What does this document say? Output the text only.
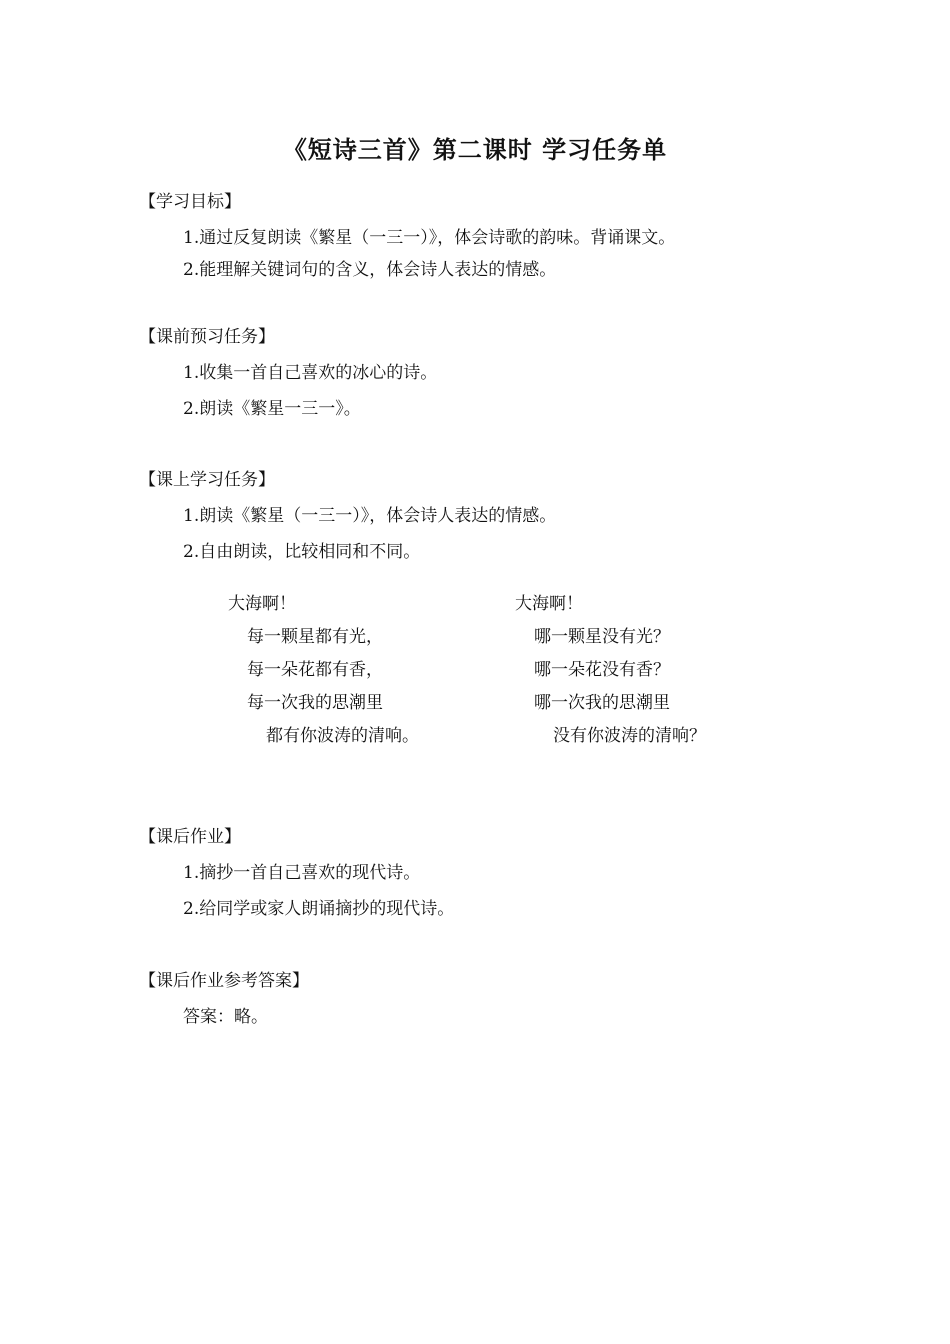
《短诗三首》第二课时 学习任务单
【学习目标】
1.通过反复朗读《繁星（一三一）》，体会诗歌的韵味。背诵课文。
2.能理解关键词句的含义，体会诗人表达的情感。
【课前预习任务】
1.收集一首自己喜欢的冰心的诗。
2.朗读《繁星一三一》。
【课上学习任务】
1.朗读《繁星（一三一）》，体会诗人表达的情感。
2.自由朗读，比较相同和不同。
大海啊！
每一颗星都有光，
每一朵花都有香，
每一次我的思潮里
都有你波涛的清响。
大海啊！
哪一颗星没有光？
哪一朵花没有香？
哪一次我的思潮里
没有你波涛的清响？
【课后作业】
1.摘抄一首自己喜欢的现代诗。
2.给同学或家人朗诵摘抄的现代诗。
【课后作业参考答案】
答案：略。
